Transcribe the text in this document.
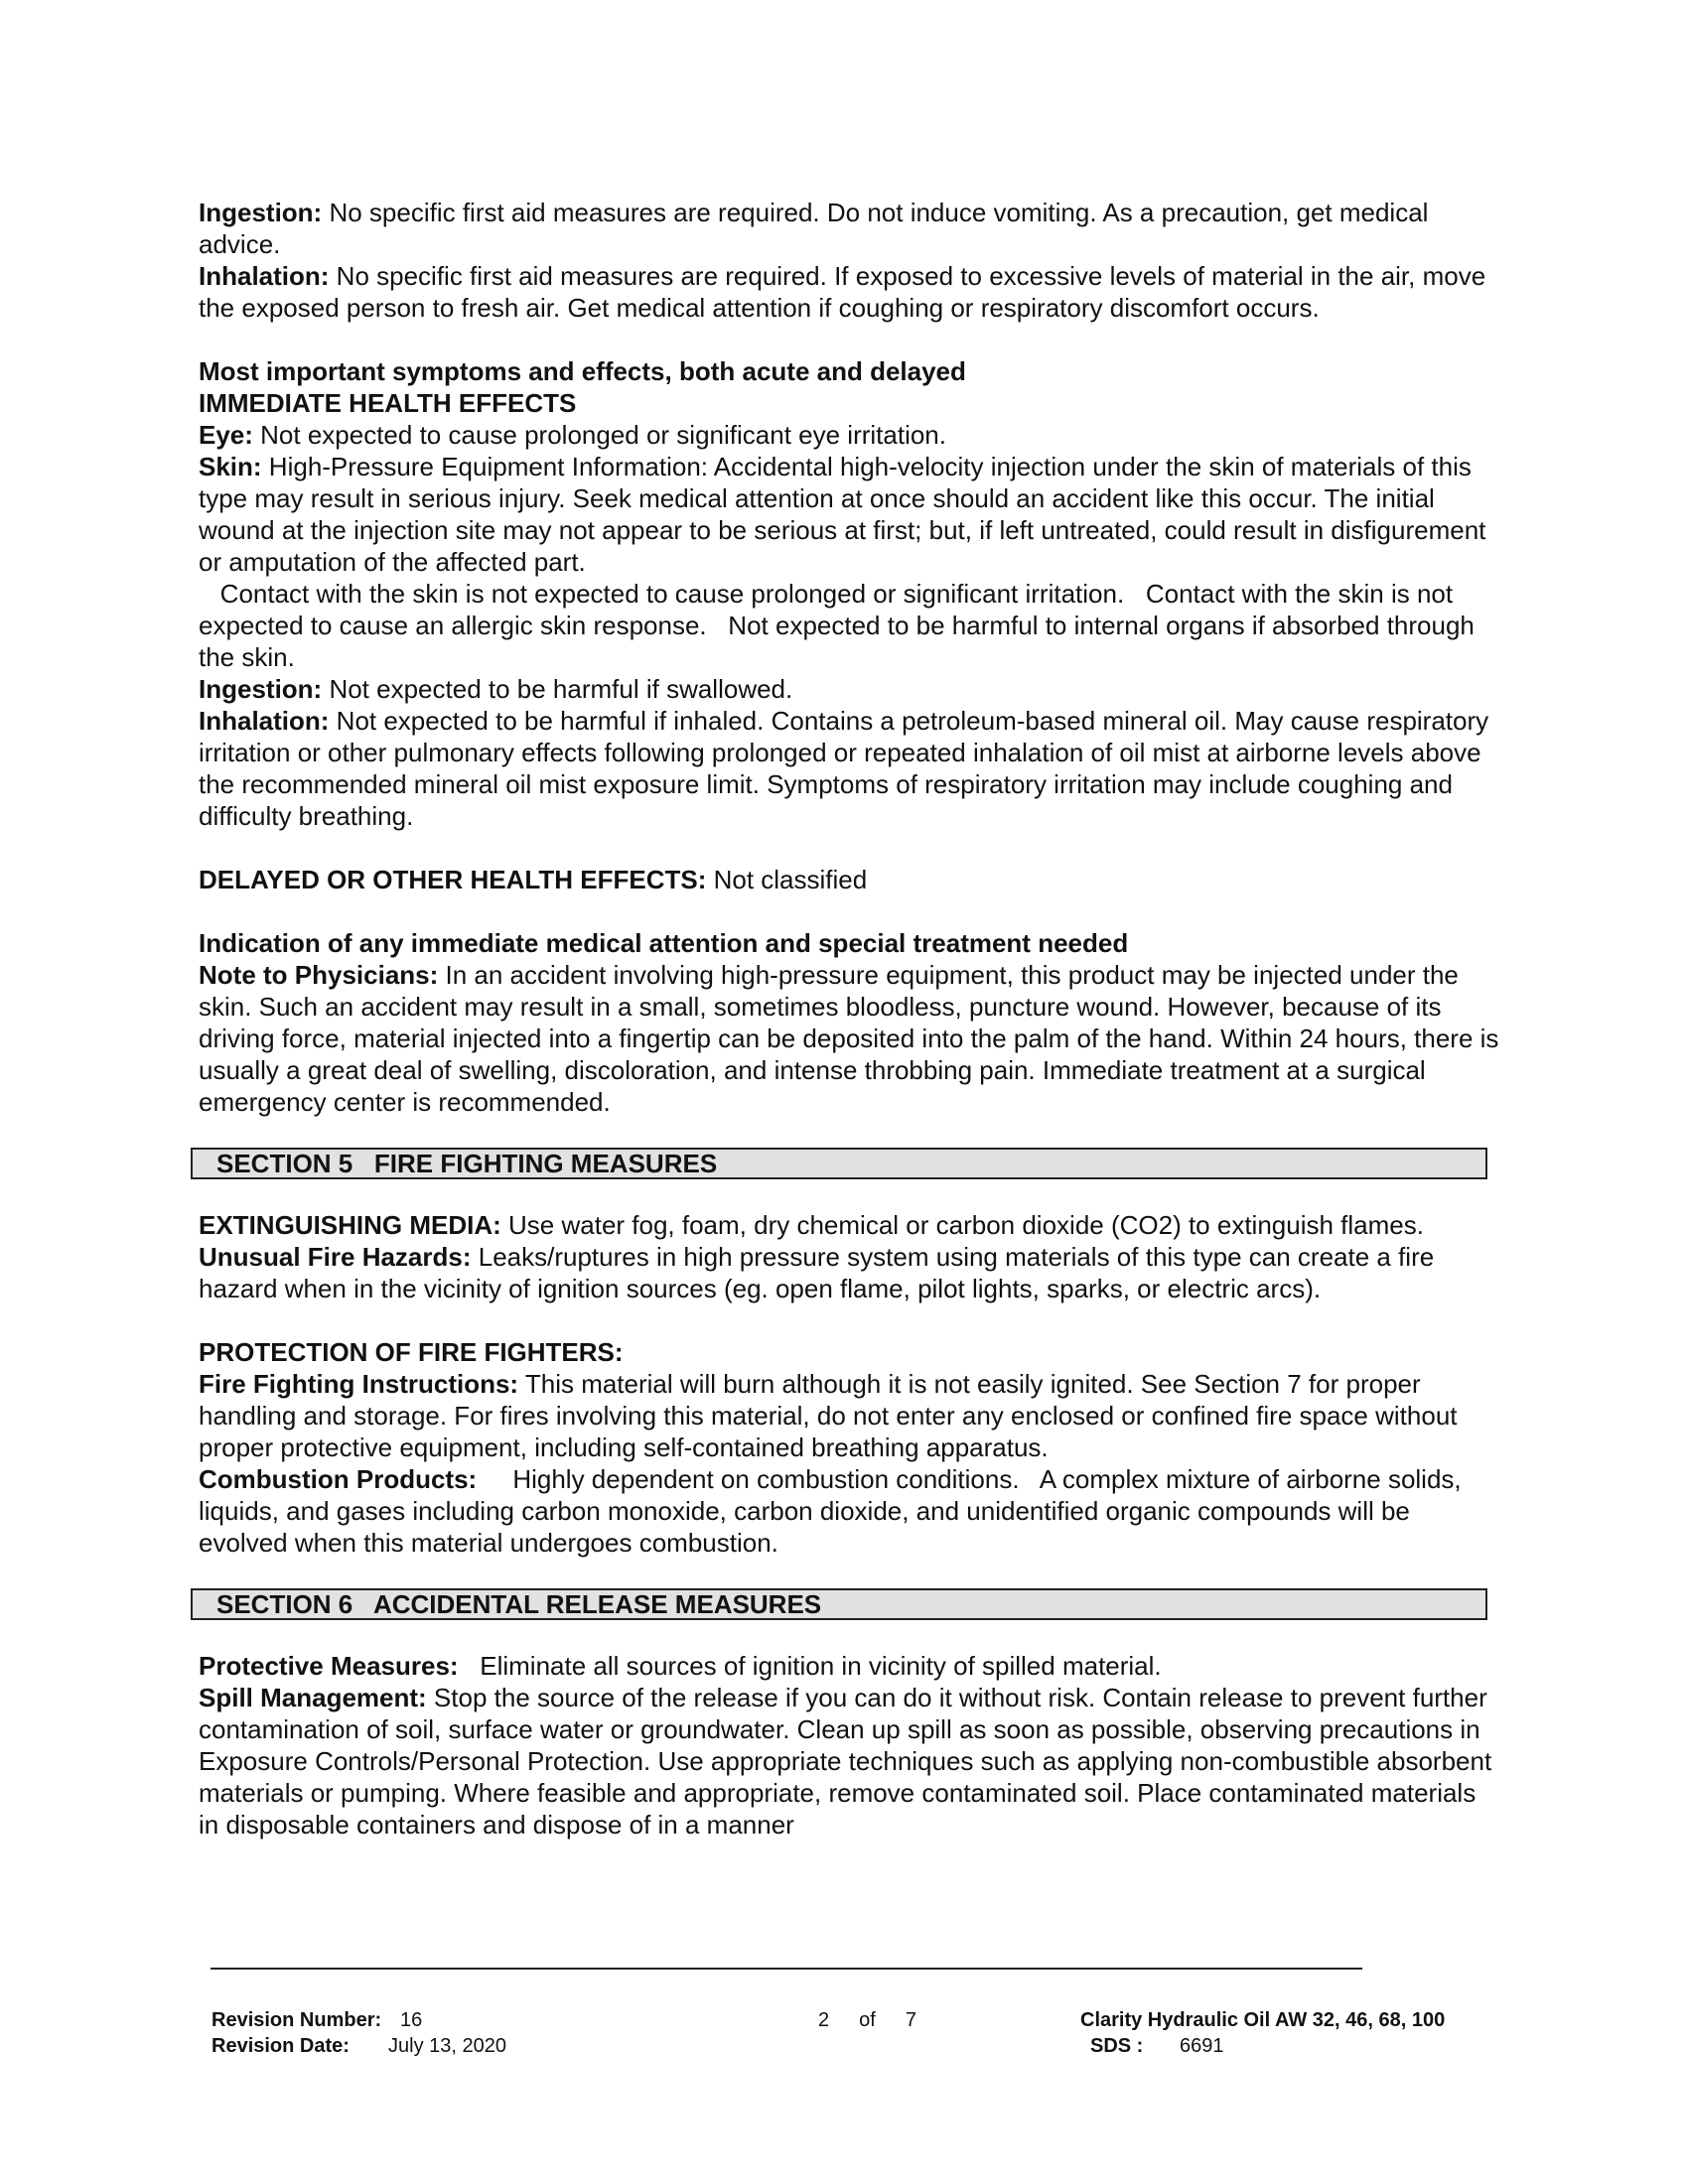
Ingestion: No specific first aid measures are required. Do not induce vomiting. As a precaution, get medical advice.

Inhalation: No specific first aid measures are required. If exposed to excessive levels of material in the air, move the exposed person to fresh air. Get medical attention if coughing or respiratory discomfort occurs.

Most important symptoms and effects, both acute and delayed

IMMEDIATE HEALTH EFFECTS

Eye: Not expected to cause prolonged or significant eye irritation.

Skin: High-Pressure Equipment Information: Accidental high-velocity injection under the skin of materials of this type may result in serious injury. Seek medical attention at once should an accident like this occur. The initial wound at the injection site may not appear to be serious at first; but, if left untreated, could result in disfigurement or amputation of the affected part.

Contact with the skin is not expected to cause prolonged or significant irritation.   Contact with the skin is not expected to cause an allergic skin response.   Not expected to be harmful to internal organs if absorbed through the skin.

Ingestion: Not expected to be harmful if swallowed.

Inhalation: Not expected to be harmful if inhaled. Contains a petroleum-based mineral oil. May cause respiratory irritation or other pulmonary effects following prolonged or repeated inhalation of oil mist at airborne levels above the recommended mineral oil mist exposure limit. Symptoms of respiratory irritation may include coughing and difficulty breathing.

DELAYED OR OTHER HEALTH EFFECTS: Not classified

Indication of any immediate medical attention and special treatment needed

Note to Physicians: In an accident involving high-pressure equipment, this product may be injected under the skin. Such an accident may result in a small, sometimes bloodless, puncture wound. However, because of its driving force, material injected into a fingertip can be deposited into the palm of the hand. Within 24 hours, there is usually a great deal of swelling, discoloration, and intense throbbing pain. Immediate treatment at a surgical emergency center is recommended.

SECTION 5   FIRE FIGHTING MEASURES

EXTINGUISHING MEDIA: Use water fog, foam, dry chemical or carbon dioxide (CO2) to extinguish flames.

Unusual Fire Hazards: Leaks/ruptures in high pressure system using materials of this type can create a fire hazard when in the vicinity of ignition sources (eg. open flame, pilot lights, sparks, or electric arcs).

PROTECTION OF FIRE FIGHTERS:

Fire Fighting Instructions: This material will burn although it is not easily ignited. See Section 7 for proper handling and storage. For fires involving this material, do not enter any enclosed or confined fire space without proper protective equipment, including self-contained breathing apparatus.

Combustion Products:     Highly dependent on combustion conditions.   A complex mixture of airborne solids, liquids, and gases including carbon monoxide, carbon dioxide, and unidentified organic compounds will be evolved when this material undergoes combustion.

SECTION 6   ACCIDENTAL RELEASE MEASURES

Protective Measures:   Eliminate all sources of ignition in vicinity of spilled material.

Spill Management: Stop the source of the release if you can do it without risk. Contain release to prevent further contamination of soil, surface water or groundwater. Clean up spill as soon as possible, observing precautions in Exposure Controls/Personal Protection. Use appropriate techniques such as applying non-combustible absorbent materials or pumping. Where feasible and appropriate, remove contaminated soil. Place contaminated materials in disposable containers and dispose of in a manner

Revision Number: 16
Revision Date: July 13, 2020
2 of 7	Clarity Hydraulic Oil AW 32, 46, 68, 100
SDS : 6691
